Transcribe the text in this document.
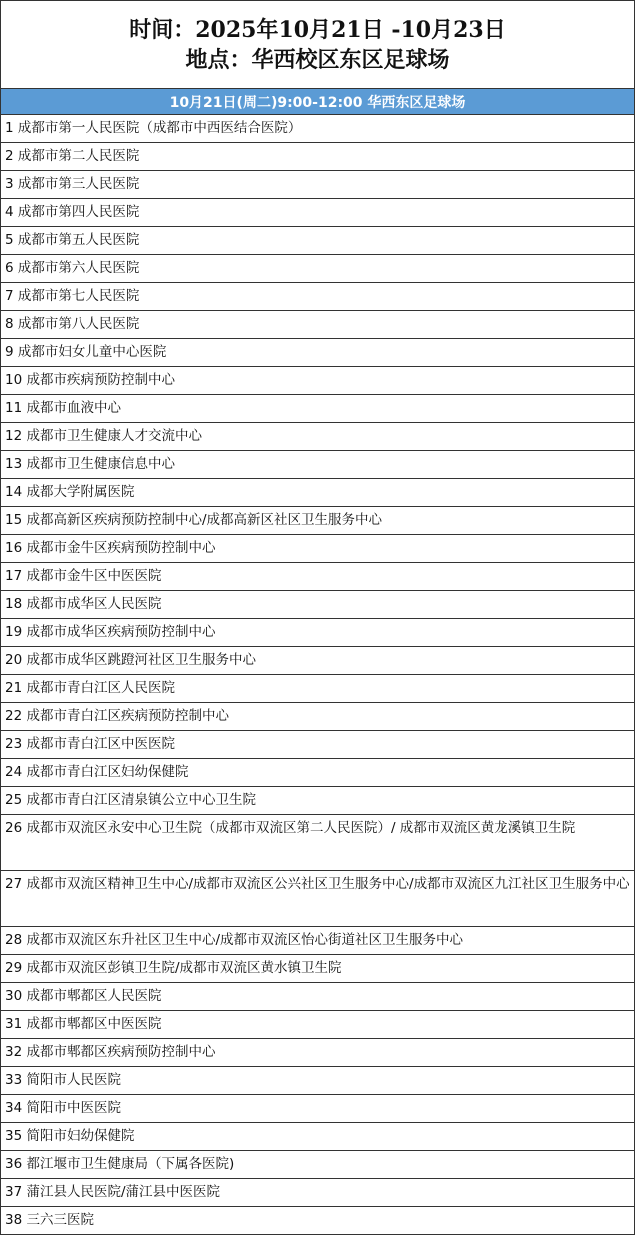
时间：2025年10月21日 -10月23日
地点：华西校区东区足球场
10月21日(周二)9:00-12:00 华西东区足球场
1 成都市第一人民医院（成都市中西医结合医院）
2 成都市第二人民医院
3 成都市第三人民医院
4 成都市第四人民医院
5 成都市第五人民医院
6 成都市第六人民医院
7 成都市第七人民医院
8 成都市第八人民医院
9 成都市妇女儿童中心医院
10 成都市疾病预防控制中心
11 成都市血液中心
12 成都市卫生健康人才交流中心
13 成都市卫生健康信息中心
14 成都大学附属医院
15 成都高新区疾病预防控制中心/成都高新区社区卫生服务中心
16 成都市金牛区疾病预防控制中心
17 成都市金牛区中医医院
18 成都市成华区人民医院
19 成都市成华区疾病预防控制中心
20 成都市成华区跳蹬河社区卫生服务中心
21 成都市青白江区人民医院
22 成都市青白江区疾病预防控制中心
23 成都市青白江区中医医院
24 成都市青白江区妇幼保健院
25 成都市青白江区清泉镇公立中心卫生院
26 成都市双流区永安中心卫生院（成都市双流区第二人民医院）/ 成都市双流区黄龙溪镇卫生院
27 成都市双流区精神卫生中心/成都市双流区公兴社区卫生服务中心/成都市双流区九江社区卫生服务中心
28 成都市双流区东升社区卫生中心/成都市双流区怡心街道社区卫生服务中心
29 成都市双流区彭镇卫生院/成都市双流区黄水镇卫生院
30 成都市郫都区人民医院
31 成都市郫都区中医医院
32 成都市郫都区疾病预防控制中心
33 简阳市人民医院
34 简阳市中医医院
35 简阳市妇幼保健院
36 都江堰市卫生健康局（下属各医院)
37 蒲江县人民医院/蒲江县中医医院
38 三六三医院
